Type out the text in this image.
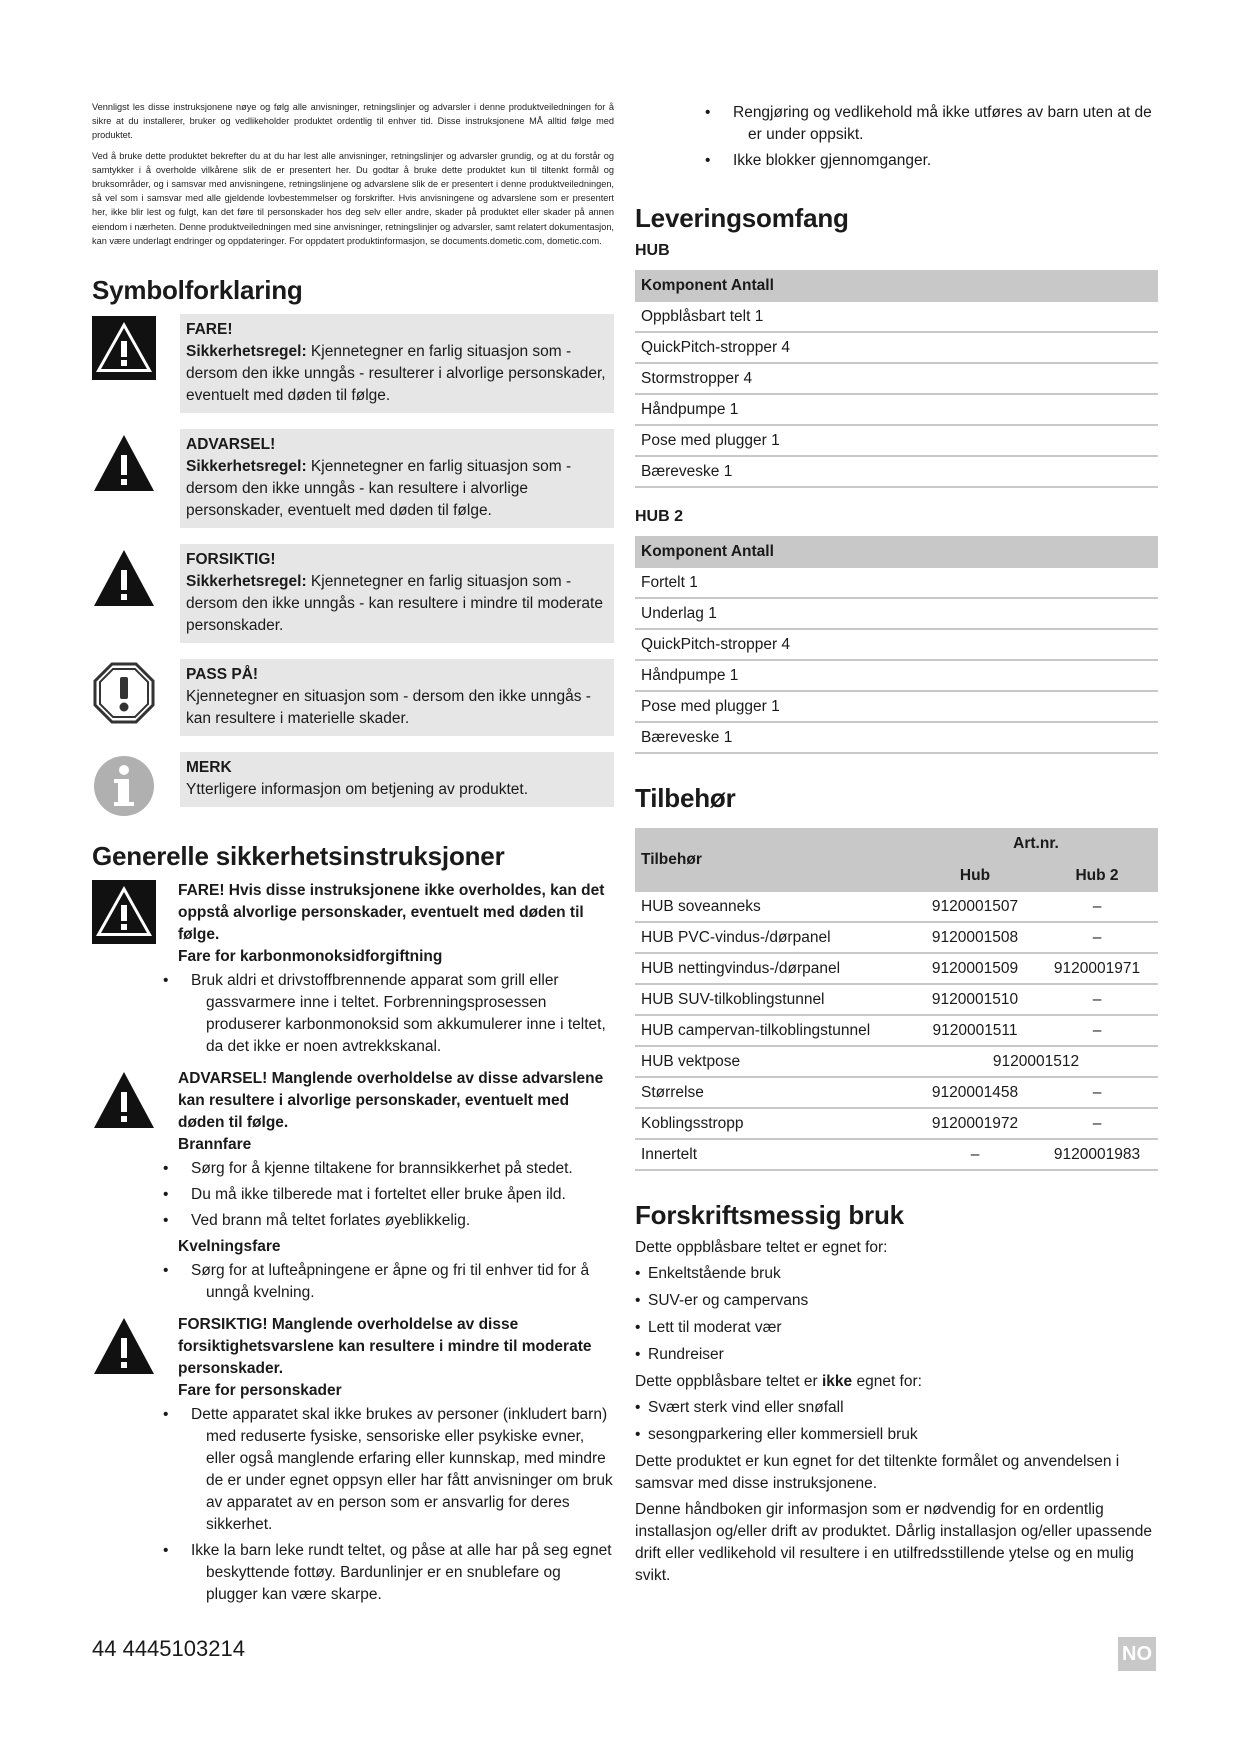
Vennligst les disse instruksjonene nøye og følg alle anvisninger, retningslinjer og advarsler i denne produktveiledningen for å sikre at du installerer, bruker og vedlikeholder produktet ordentlig til enhver tid. Disse instruksjonene MÅ alltid følge med produktet.

Ved å bruke dette produktet bekrefter du at du har lest alle anvisninger, retningslinjer og advarsler grundig, og at du forstår og samtykker i å overholde vilkårene slik de er presentert her. Du godtar å bruke dette produktet kun til tiltenkt formål og bruksområder, og i samsvar med anvisningene, retningslinjene og advarslene slik de er presentert i denne produktveiledningen, så vel som i samsvar med alle gjeldende lovbestemmelser og forskrifter. Hvis anvisningene og advarslene som er presentert her, ikke blir lest og fulgt, kan det føre til personskader hos deg selv eller andre, skader på produktet eller skader på annen eiendom i nærheten. Denne produktveiledningen med sine anvisninger, retningslinjer og advarsler, samt relatert dokumentasjon, kan være underlagt endringer og oppdateringer. For oppdatert produktinformasjon, se documents.dometic.com, dometic.com.

Symbolforklaring
FARE!
Sikkerhetsregel: Kjennetegner en farlig situasjon som - dersom den ikke unngås - resulterer i alvorlige personskader, eventuelt med døden til følge.
ADVARSEL!
Sikkerhetsregel: Kjennetegner en farlig situasjon som - dersom den ikke unngås - kan resultere i alvorlige personskader, eventuelt med døden til følge.
FORSIKTIG!
Sikkerhetsregel: Kjennetegner en farlig situasjon som - dersom den ikke unngås - kan resultere i mindre til moderate personskader.
PASS PÅ!
Kjennetegner en situasjon som - dersom den ikke unngås - kan resultere i materielle skader.
MERK
Ytterligere informasjon om betjening av produktet.
Generelle sikkerhetsinstruksjoner
FARE! Hvis disse instruksjonene ikke overholdes, kan det oppstå alvorlige personskader, eventuelt med døden til følge.
Fare for karbonmonoksidforgiftning
• Bruk aldri et drivstoffbrennende apparat som grill eller gassvarmere inne i teltet. Forbrenningsprosessen produserer karbonmonoksid som akkumulerer inne i teltet, da det ikke er noen avtrekkskanal.
ADVARSEL! Manglende overholdelse av disse advarslene kan resultere i alvorlige personskader, eventuelt med døden til følge.
Brannfare
• Sørg for å kjenne tiltakene for brannsikkerhet på stedet.
• Du må ikke tilberede mat i forteltet eller bruke åpen ild.
• Ved brann må teltet forlates øyeblikkelig.
Kvelningsfare
• Sørg for at lufteåpningene er åpne og fri til enhver tid for å unngå kvelning.
FORSIKTIG! Manglende overholdelse av disse forsiktighetsvarslene kan resultere i mindre til moderate personskader.
Fare for personskader
• Dette apparatet skal ikke brukes av personer (inkludert barn) med reduserte fysiske, sensoriske eller psykiske evner, eller også manglende erfaring eller kunnskap, med mindre de er under egnet oppsyn eller har fått anvisninger om bruk av apparatet av en person som er ansvarlig for deres sikkerhet.
• Ikke la barn leke rundt teltet, og påse at alle har på seg egnet beskyttende fottøy. Bardunlinjer er en snublefare og plugger kan være skarpe.
• Rengjøring og vedlikehold må ikke utføres av barn uten at de er under oppsikt.
• Ikke blokker gjennomganger.
Leveringsomfang
HUB
Komponent Antall
Oppblåsbart telt 1
QuickPitch-stropper 4
Stormstropper 4
Håndpumpe 1
Pose med plugger 1
Bæreveske 1
HUB 2
Komponent Antall
Fortelt 1
Underlag 1
QuickPitch-stropper 4
Håndpumpe 1
Pose med plugger 1
Bæreveske 1
Tilbehør
Tilbehør	Art.nr.	
	Hub	Hub 2
HUB soveanneks	9120001507	–
HUB PVC-vindus-/dørpanel	9120001508	–
HUB nettingvindus-/dørpanel	9120001509	9120001971
HUB SUV-tilkoblingstunnel	9120001510	–
HUB campervan-tilkoblingstunnel	9120001511	–
HUB vektpose	9120001512	
Størrelse	9120001458	–
Koblingsstropp	9120001972	–
Innertelt	–	9120001983
Forskriftsmessig bruk

Dette oppblåsbare teltet er egnet for:

• Enkeltstående bruk
• SUV-er og campervans
• Lett til moderat vær
• Rundreiser

Dette oppblåsbare teltet er ikke egnet for:

• Svært sterk vind eller snøfall
• sesongparkering eller kommersiell bruk

Dette produktet er kun egnet for det tiltenkte formålet og anvendelsen i samsvar med disse instruksjonene.

Denne håndboken gir informasjon som er nødvendig for en ordentlig installasjon og/eller drift av produktet. Dårlig installasjon og/eller upassende drift eller vedlikehold vil resultere i en utilfredsstillende ytelse og en mulig svikt.

44 4445103214	NO
